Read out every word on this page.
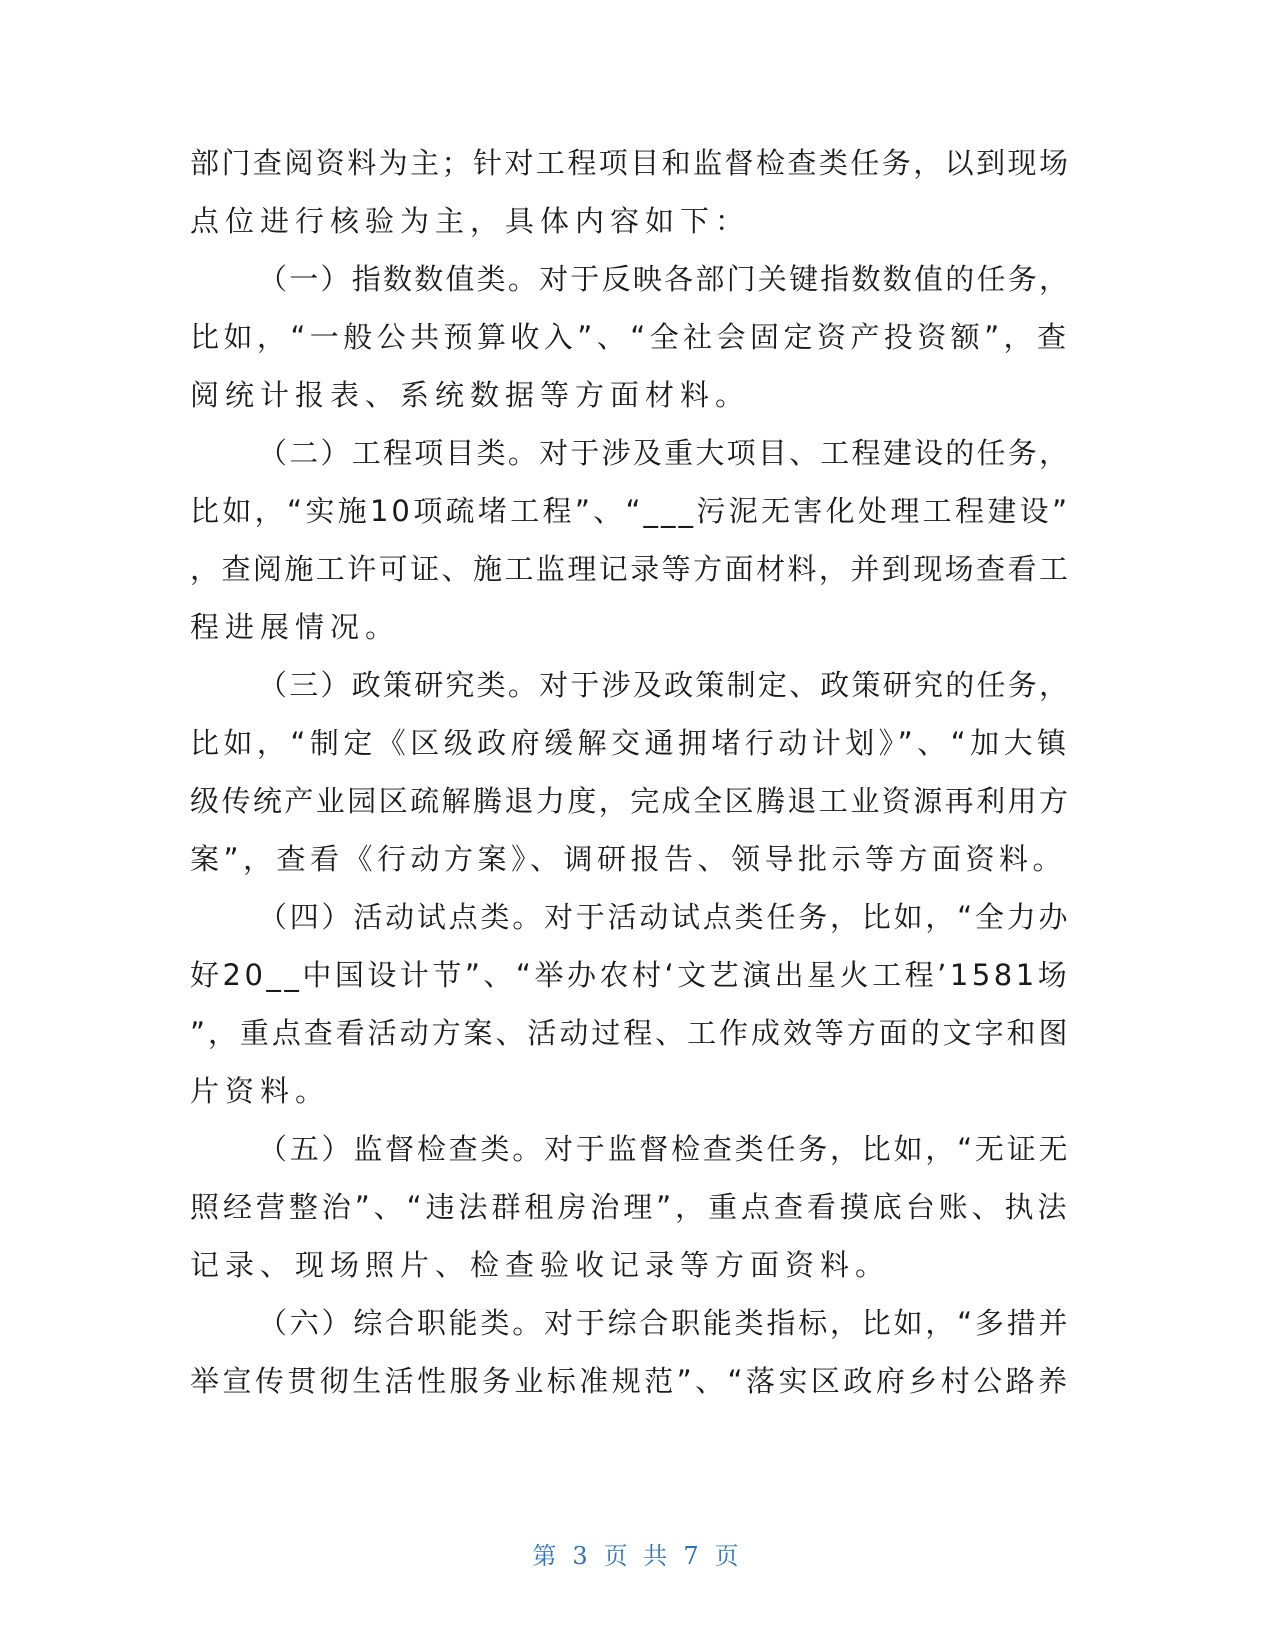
部门查阅资料为主；针对工程项目和监督检查类任务，以到现场
点位进行核验为主，具体内容如下：
（一）指数数值类。对于反映各部门关键指数数值的任务，
比如，“一般公共预算收入”、“全社会固定资产投资额”，查
阅统计报表、系统数据等方面材料。
（二）工程项目类。对于涉及重大项目、工程建设的任务，
比如，“实施10项疏堵工程”、“___污泥无害化处理工程建设”
，查阅施工许可证、施工监理记录等方面材料，并到现场查看工
程进展情况。
（三）政策研究类。对于涉及政策制定、政策研究的任务，
比如，“制定《区级政府缓解交通拥堵行动计划》”、“加大镇
级传统产业园区疏解腾退力度，完成全区腾退工业资源再利用方
案”，查看《行动方案》、调研报告、领导批示等方面资料。
（四）活动试点类。对于活动试点类任务，比如，“全力办
好20__中国设计节”、“举办农村‘文艺演出星火工程’1581场
”，重点查看活动方案、活动过程、工作成效等方面的文字和图
片资料。
（五）监督检查类。对于监督检查类任务，比如，“无证无
照经营整治”、“违法群租房治理”，重点查看摸底台账、执法
记录、现场照片、检查验收记录等方面资料。
（六）综合职能类。对于综合职能类指标，比如，“多措并
举宣传贯彻生活性服务业标准规范”、“落实区政府乡村公路养
第 3 页 共 7 页
